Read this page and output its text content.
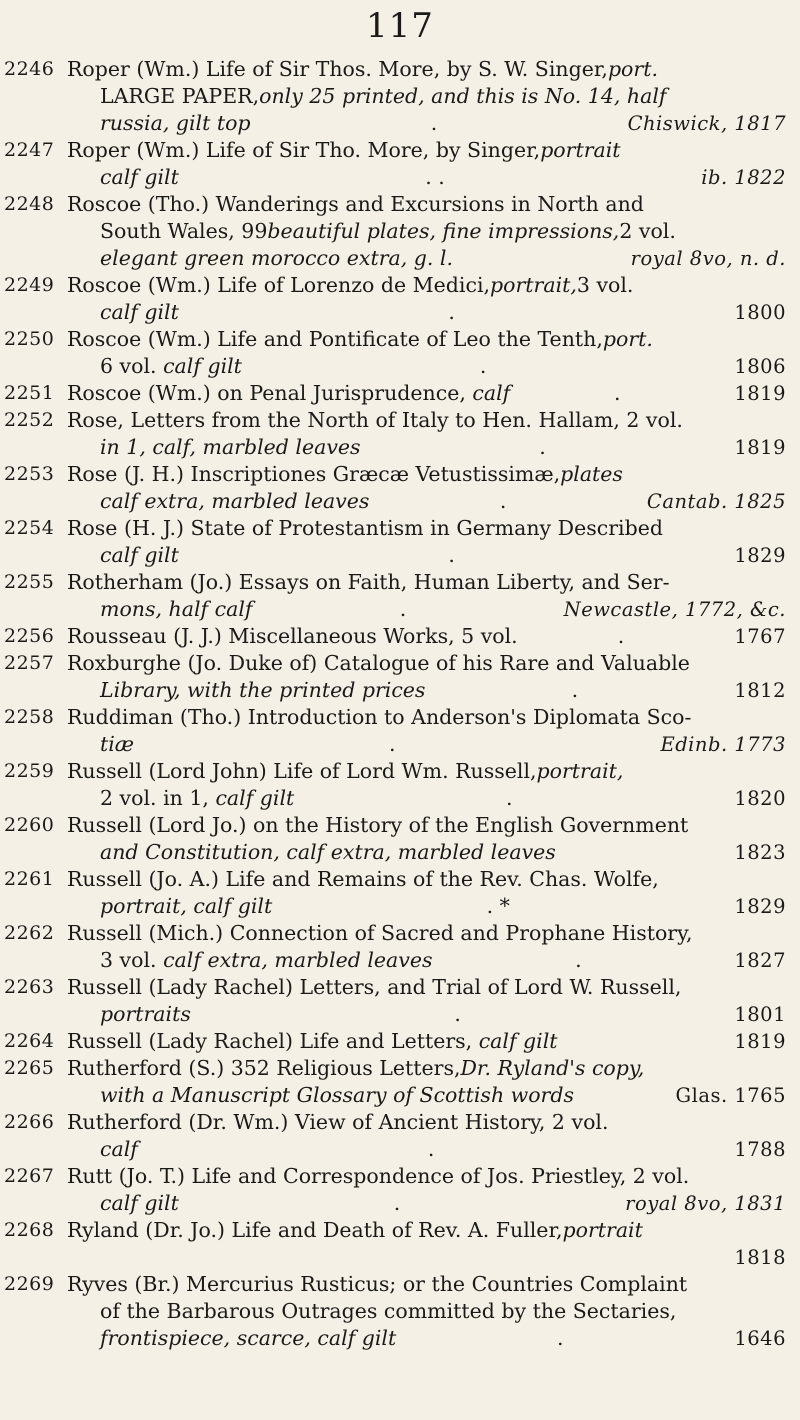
117
2246 Roper (Wm.) Life of Sir Thos. More, by S. W. Singer, port.
LARGE PAPER, only 25 printed, and this is No. 14, half
russia, gilt top	.	Chiswick, 1817
2247 Roper (Wm.) Life of Sir Tho. More, by Singer, portrait
calf gilt	. .	ib. 1822
2248 Roscoe (Tho.) Wanderings and Excursions in North and
South Wales, 99 beautiful plates, fine impressions, 2 vol.
elegant green morocco extra, g. l.	royal 8vo, n. d.
2249 Roscoe (Wm.) Life of Lorenzo de Medici, portrait, 3 vol.
calf gilt	.	1800
2250 Roscoe (Wm.) Life and Pontificate of Leo the Tenth, port.
6 vol. calf gilt	.	1806
2251 Roscoe (Wm.) on Penal Jurisprudence, calf	.	1819
2252 Rose, Letters from the North of Italy to Hen. Hallam, 2 vol.
in 1, calf, marbled leaves	.	1819
2253 Rose (J. H.) Inscriptiones Græcæ Vetustissimæ, plates
calf extra, marbled leaves	.	Cantab. 1825
2254 Rose (H. J.) State of Protestantism in Germany Described
calf gilt	.	1829
2255 Rotherham (Jo.) Essays on Faith, Human Liberty, and Ser-
mons, half calf	.	Newcastle, 1772, &c.
2256 Rousseau (J. J.) Miscellaneous Works, 5 vol.	.	1767
2257 Roxburghe (Jo. Duke of) Catalogue of his Rare and Valuable
Library, with the printed prices	.	1812
2258 Ruddiman (Tho.) Introduction to Anderson's Diplomata Sco-
tiæ	.	Edinb. 1773
2259 Russell (Lord John) Life of Lord Wm. Russell, portrait,
2 vol. in 1, calf gilt	.	1820
2260 Russell (Lord Jo.) on the History of the English Government
and Constitution, calf extra, marbled leaves	1823
2261 Russell (Jo. A.) Life and Remains of the Rev. Chas. Wolfe,
portrait, calf gilt	. *	1829
2262 Russell (Mich.) Connection of Sacred and Prophane History,
3 vol. calf extra, marbled leaves	.	1827
2263 Russell (Lady Rachel) Letters, and Trial of Lord W. Russell,
portraits	.	1801
2264 Russell (Lady Rachel) Life and Letters, calf gilt	1819
2265 Rutherford (S.) 352 Religious Letters, Dr. Ryland's copy,
with a Manuscript Glossary of Scottish words	Glas. 1765
2266 Rutherford (Dr. Wm.) View of Ancient History, 2 vol.
calf	.	1788
2267 Rutt (Jo. T.) Life and Correspondence of Jos. Priestley, 2 vol.
calf gilt	.	royal 8vo, 1831
2268 Ryland (Dr. Jo.) Life and Death of Rev. A. Fuller, portrait
1818
2269 Ryves (Br.) Mercurius Rusticus; or the Countries Complaint
of the Barbarous Outrages committed by the Sectaries,
frontispiece, scarce, calf gilt	.	1646
